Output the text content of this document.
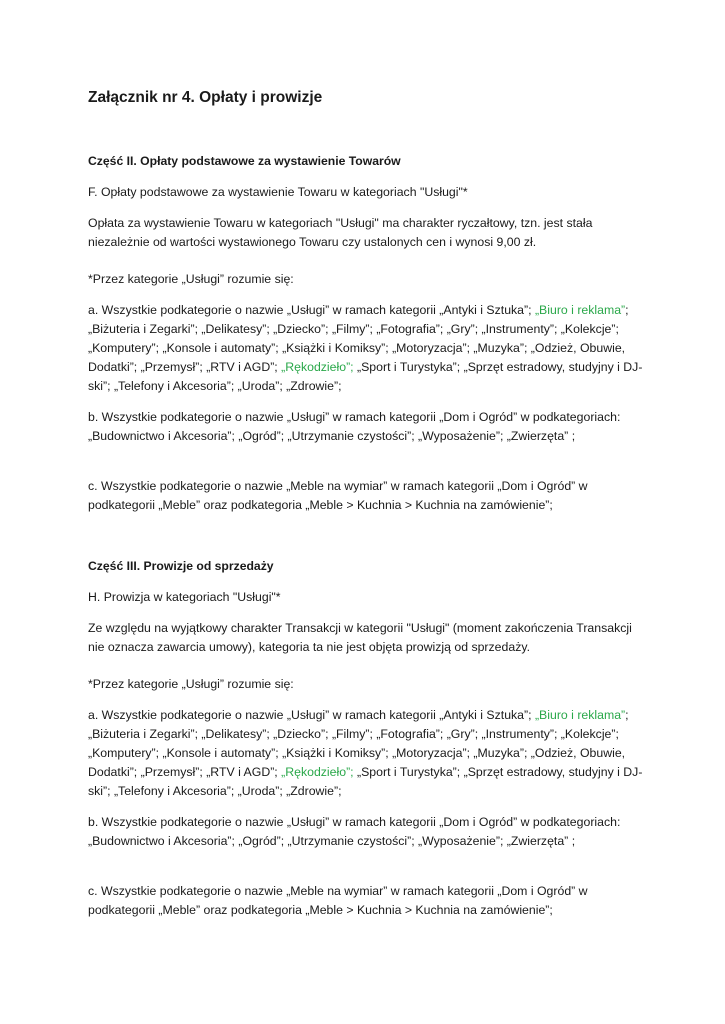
Załącznik nr 4. Opłaty i prowizje

Część II. Opłaty podstawowe za wystawienie Towarów

F. Opłaty podstawowe za wystawienie Towaru w kategoriach "Usługi"*

Opłata za wystawienie Towaru w kategoriach "Usługi" ma charakter ryczałtowy, tzn. jest stała niezależnie od wartości wystawionego Towaru czy ustalonych cen i wynosi 9,00 zł.

*Przez kategorie „Usługi” rozumie się:

a. Wszystkie podkategorie o nazwie „Usługi” w ramach kategorii „Antyki i Sztuka”; „Biuro i reklama”; „Biżuteria i Zegarki”; „Delikatesy”; „Dziecko”; „Filmy”; „Fotografia”; „Gry”; „Instrumenty”; „Kolekcje”; „Komputery”; „Konsole i automaty”; „Książki i Komiksy”; „Motoryzacja”; „Muzyka”; „Odzież, Obuwie, Dodatki”; „Przemysł”; „RTV i AGD”; „Rękodzieło”; „Sport i Turystyka”; „Sprzęt estradowy, studyjny i DJ-ski”; „Telefony i Akcesoria”; „Uroda”; „Zdrowie”;

b. Wszystkie podkategorie o nazwie „Usługi” w ramach kategorii „Dom i Ogród” w podkategoriach: „Budownictwo i Akcesoria”; „Ogród”; „Utrzymanie czystości”; „Wyposażenie”; „Zwierzęta” ;

c. Wszystkie podkategorie o nazwie „Meble na wymiar” w ramach kategorii „Dom i Ogród” w podkategorii „Meble” oraz podkategoria „Meble > Kuchnia > Kuchnia na zamówienie”;

Część III. Prowizje od sprzedaży

H. Prowizja w kategoriach "Usługi"*

Ze względu na wyjątkowy charakter Transakcji w kategorii "Usługi" (moment zakończenia Transakcji nie oznacza zawarcia umowy), kategoria ta nie jest objęta prowizją od sprzedaży.

*Przez kategorie „Usługi” rozumie się:

a. Wszystkie podkategorie o nazwie „Usługi” w ramach kategorii „Antyki i Sztuka”; „Biuro i reklama”; „Biżuteria i Zegarki”; „Delikatesy”; „Dziecko”; „Filmy”; „Fotografia”; „Gry”; „Instrumenty”; „Kolekcje”; „Komputery”; „Konsole i automaty”; „Książki i Komiksy”; „Motoryzacja”; „Muzyka”; „Odzież, Obuwie, Dodatki”; „Przemysł”; „RTV i AGD”; „Rękodzieło”; „Sport i Turystyka”; „Sprzęt estradowy, studyjny i DJ-ski”; „Telefony i Akcesoria”; „Uroda”; „Zdrowie”;

b. Wszystkie podkategorie o nazwie „Usługi” w ramach kategorii „Dom i Ogród” w podkategoriach: „Budownictwo i Akcesoria”; „Ogród”; „Utrzymanie czystości”; „Wyposażenie”; „Zwierzęta” ;

c. Wszystkie podkategorie o nazwie „Meble na wymiar” w ramach kategorii „Dom i Ogród” w podkategorii „Meble” oraz podkategoria „Meble > Kuchnia > Kuchnia na zamówienie”;
